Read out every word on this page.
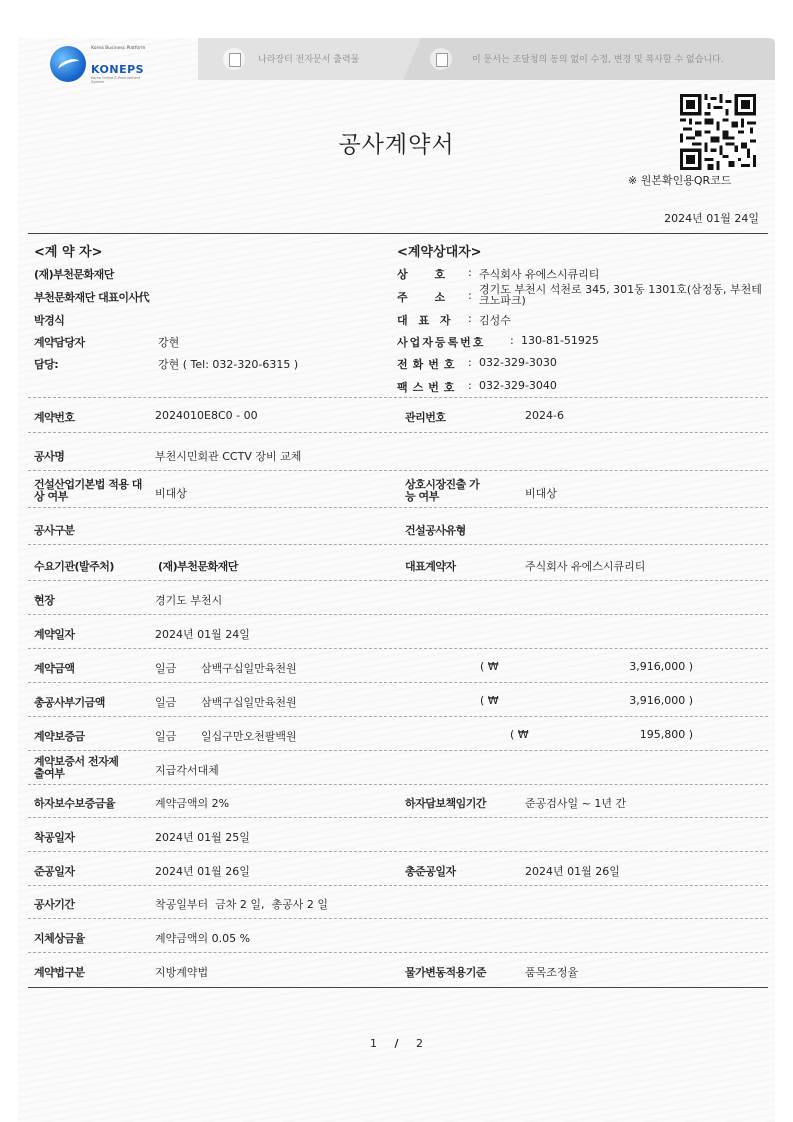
Korea Business Platform
KONEPS
Korea Online E-Procurement System
나라장터 전자문서 출력물	이 문서는 조달청의 동의 없이 수정, 변경 및 복사할 수 없습니다.
공사계약서
※ 원본확인용QR코드
2024년 01월 24일
<계 약 자>	<계약상대자>
(재)부천문화재단
부천문화재단 대표이사代
박경식
계약담당자	강현
담당:	강현 ( Tel: 032-320-6315 )
상 호 : 주식회사 유에스시큐리티
주 소 : 경기도 부천시 석천로 345, 301동 1301호(삼정동, 부천테크노파크)
대 표 자 : 김성수
사업자등록번호 : 130-81-51925
전화번호 : 032-329-3030
팩스번호 : 032-329-3040
계약번호	2024010E8C0 - 00	관리번호	2024-6
공사명	부천시민회관 CCTV 장비 교체
건설산업기본법 적용 대상 여부	비대상
상호시장진출 가능 여부	비대상
공사구분	건설공사유형
수요기관(발주처)	(재)부천문화재단	대표계약자	주식회사 유에스시큐리티
현장	경기도 부천시
계약일자	2024년 01월 24일
계약금액	일금 삼백구십일만육천원	( ₩	3,916,000 )
총공사부기금액	일금 삼백구십일만육천원	( ₩	3,916,000 )
계약보증금	일금 일십구만오천팔백원	( ₩	195,800 )
계약보증서 전자제출여부	지급각서대체
하자보수보증금율	계약금액의 2%	하자담보책임기간	준공검사일 ~ 1년 간
착공일자	2024년 01월 25일
준공일자	2024년 01월 26일	총준공일자	2024년 01월 26일
공사기간	착공일부터  금차 2 일,  총공사 2 일
지체상금율	계약금액의 0.05 %
계약법구분	지방계약법	물가변동적용기준	품목조정율
1 / 2
